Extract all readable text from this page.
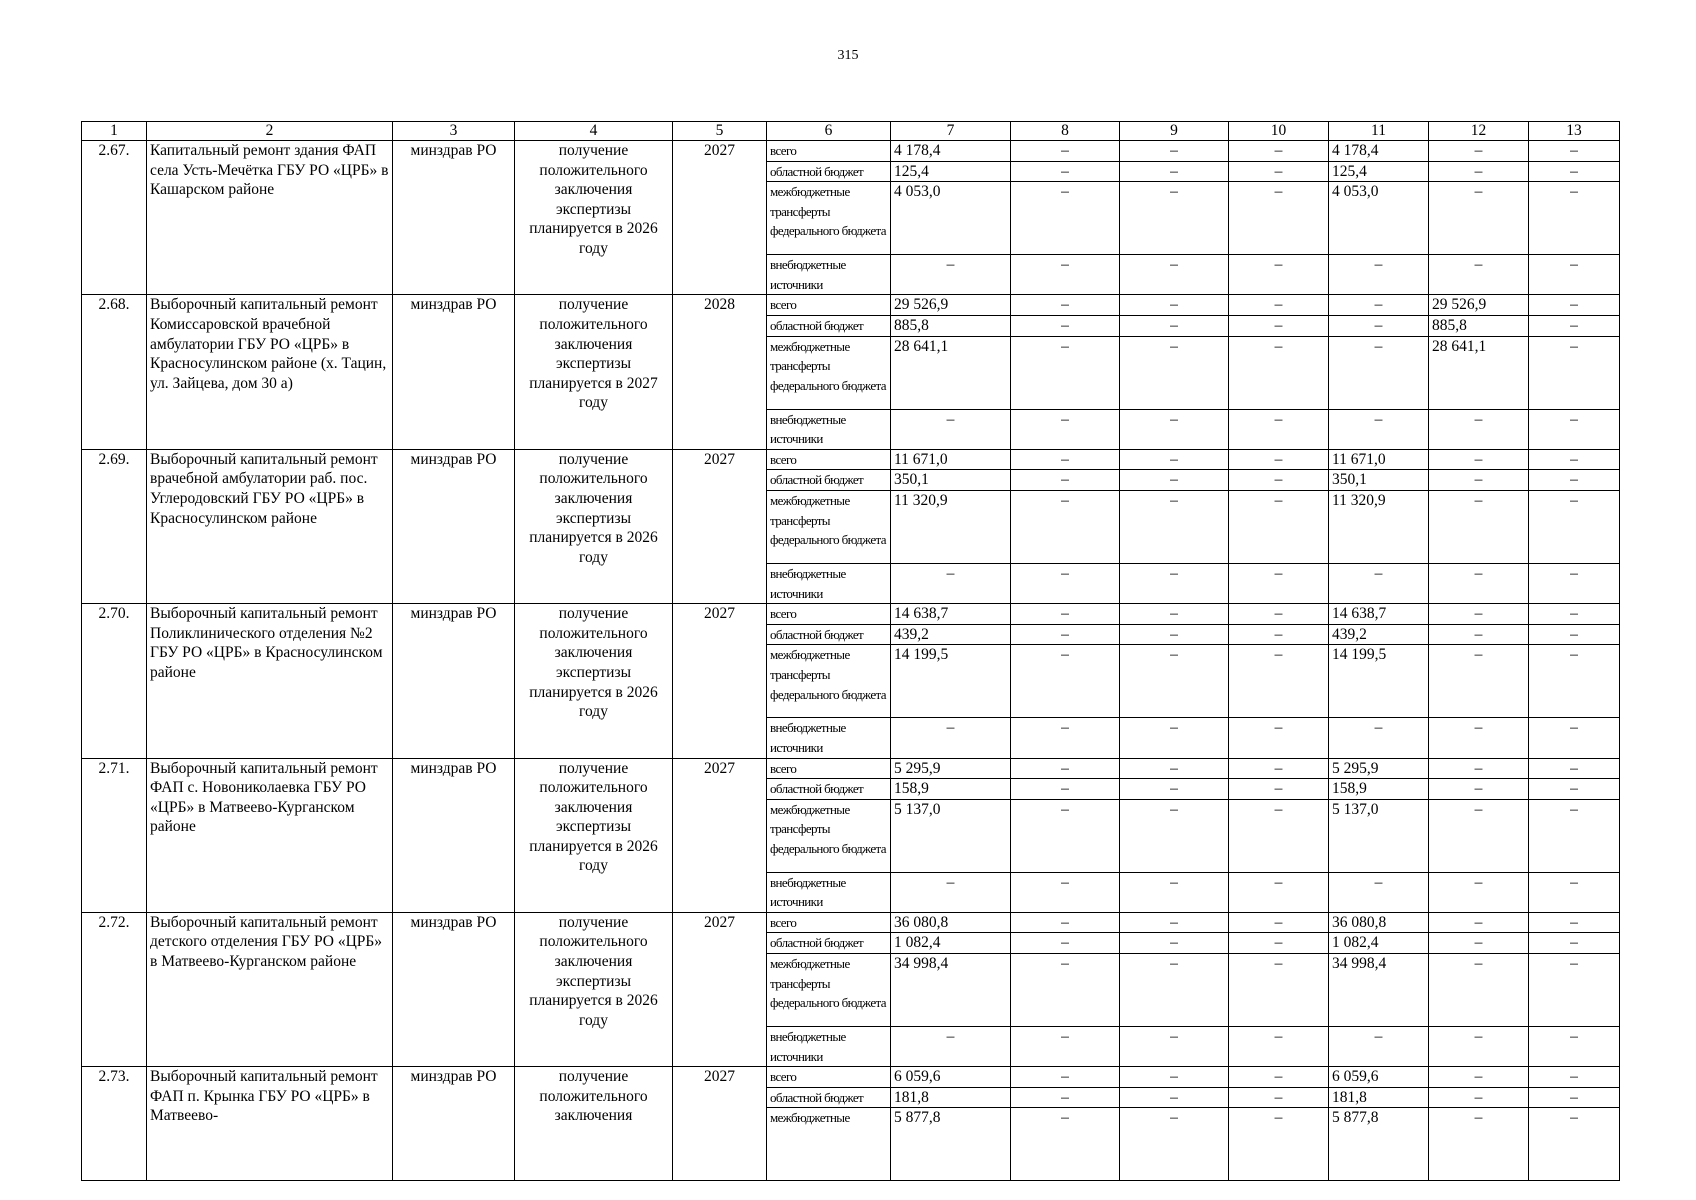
315
1	2	3	4	5	6	7	8	9	10	11	12	13
2.67.	Капитальный ремонт здания ФАП села Усть-Мечётка ГБУ РО «ЦРБ» в Кашарском районе	минздрав РО	получение положительного заключения экспертизы планируется в 2026 году	2027	всего	4 178,4	–	–	–	4 178,4	–	–
					областной бюджет	125,4	–	–	–	125,4	–	–
					межбюджетные трансферты федерального бюджета	4 053,0	–	–	–	4 053,0	–	–
					внебюджетные источники	–	–	–	–	–	–	–
2.68.	Выборочный капитальный ремонт Комиссаровской врачебной амбулатории ГБУ РО «ЦРБ» в Красносулинском районе (х. Тацин, ул. Зайцева, дом 30 а)	минздрав РО	получение положительного заключения экспертизы планируется в 2027 году	2028	всего	29 526,9	–	–	–	–	29 526,9	–
					областной бюджет	885,8	–	–	–	–	885,8	–
					межбюджетные трансферты федерального бюджета	28 641,1	–	–	–	–	28 641,1	–
					внебюджетные источники	–	–	–	–	–	–	–
2.69.	Выборочный капитальный ремонт врачебной амбулатории раб. пос. Углеродовский ГБУ РО «ЦРБ» в Красносулинском районе	минздрав РО	получение положительного заключения экспертизы планируется в 2026 году	2027	всего	11 671,0	–	–	–	11 671,0	–	–
					областной бюджет	350,1	–	–	–	350,1	–	–
					межбюджетные трансферты федерального бюджета	11 320,9	–	–	–	11 320,9	–	–
					внебюджетные источники	–	–	–	–	–	–	–
2.70.	Выборочный капитальный ремонт Поликлинического отделения №2 ГБУ РО «ЦРБ» в Красносулинском районе	минздрав РО	получение положительного заключения экспертизы планируется в 2026 году	2027	всего	14 638,7	–	–	–	14 638,7	–	–
					областной бюджет	439,2	–	–	–	439,2	–	–
					межбюджетные трансферты федерального бюджета	14 199,5	–	–	–	14 199,5	–	–
					внебюджетные источники	–	–	–	–	–	–	–
2.71.	Выборочный капитальный ремонт ФАП с. Новониколаевка ГБУ РО «ЦРБ» в Матвеево-Курганском районе	минздрав РО	получение положительного заключения экспертизы планируется в 2026 году	2027	всего	5 295,9	–	–	–	5 295,9	–	–
					областной бюджет	158,9	–	–	–	158,9	–	–
					межбюджетные трансферты федерального бюджета	5 137,0	–	–	–	5 137,0	–	–
					внебюджетные источники	–	–	–	–	–	–	–
2.72.	Выборочный капитальный ремонт детского отделения ГБУ РО «ЦРБ» в Матвеево-Курганском районе	минздрав РО	получение положительного заключения экспертизы планируется в 2026 году	2027	всего	36 080,8	–	–	–	36 080,8	–	–
					областной бюджет	1 082,4	–	–	–	1 082,4	–	–
					межбюджетные трансферты федерального бюджета	34 998,4	–	–	–	34 998,4	–	–
					внебюджетные источники	–	–	–	–	–	–	–
2.73.	Выборочный капитальный ремонт ФАП п. Крынка ГБУ РО «ЦРБ» в Матвеево-	минздрав РО	получение положительного заключения	2027	всего	6 059,6	–	–	–	6 059,6	–	–
					областной бюджет	181,8	–	–	–	181,8	–	–
					межбюджетные	5 877,8	–	–	–	5 877,8	–	–
